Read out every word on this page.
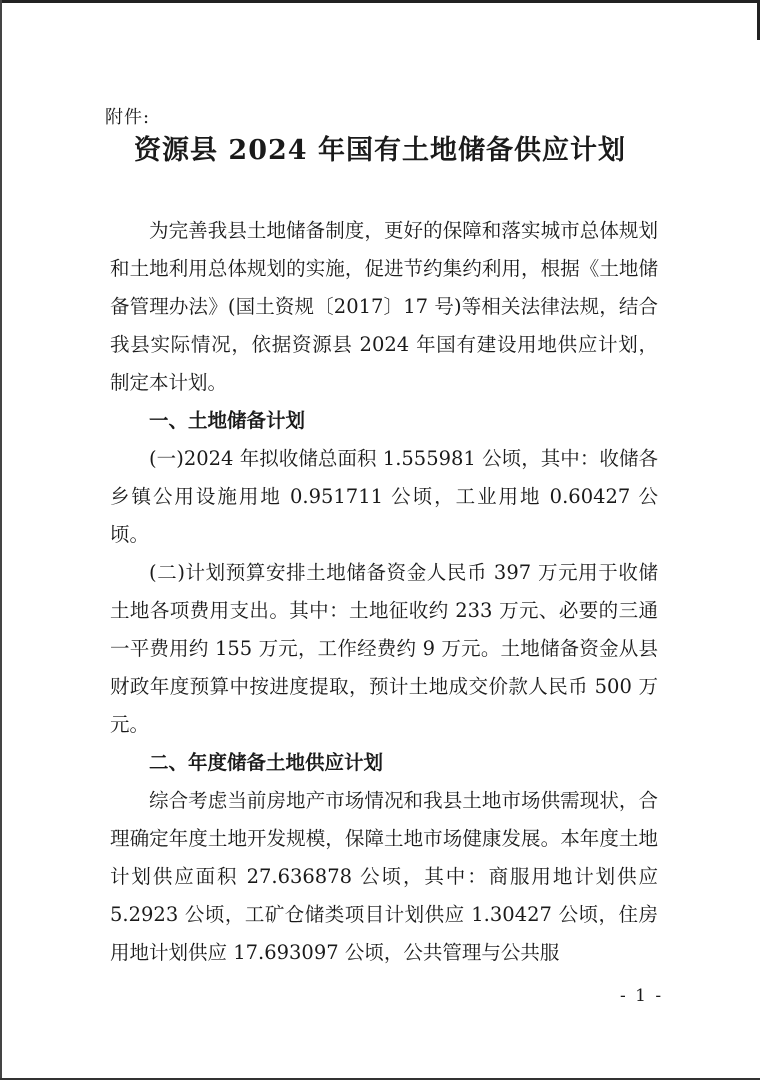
附件:
资源县 2024 年国有土地储备供应计划

为完善我县土地储备制度，更好的保障和落实城市总体规划和土地利用总体规划的实施，促进节约集约利用，根据《土地储备管理办法》(国土资规〔2017〕17 号)等相关法律法规，结合我县实际情况，依据资源县 2024 年国有建设用地供应计划，制定本计划。

一、土地储备计划

(一)2024 年拟收储总面积 1.555981 公顷，其中：收储各乡镇公用设施用地 0.951711 公顷，工业用地 0.60427 公顷。

(二)计划预算安排土地储备资金人民币 397 万元用于收储土地各项费用支出。其中：土地征收约 233 万元、必要的三通一平费用约 155 万元，工作经费约 9 万元。土地储备资金从县财政年度预算中按进度提取，预计土地成交价款人民币 500 万元。

二、年度储备土地供应计划

综合考虑当前房地产市场情况和我县土地市场供需现状，合理确定年度土地开发规模，保障土地市场健康发展。本年度土地计划供应面积 27.636878 公顷，其中：商服用地计划供应 5.2923 公顷，工矿仓储类项目计划供应 1.30427 公顷，住房用地计划供应 17.693097 公顷，公共管理与公共服

- 1 -
